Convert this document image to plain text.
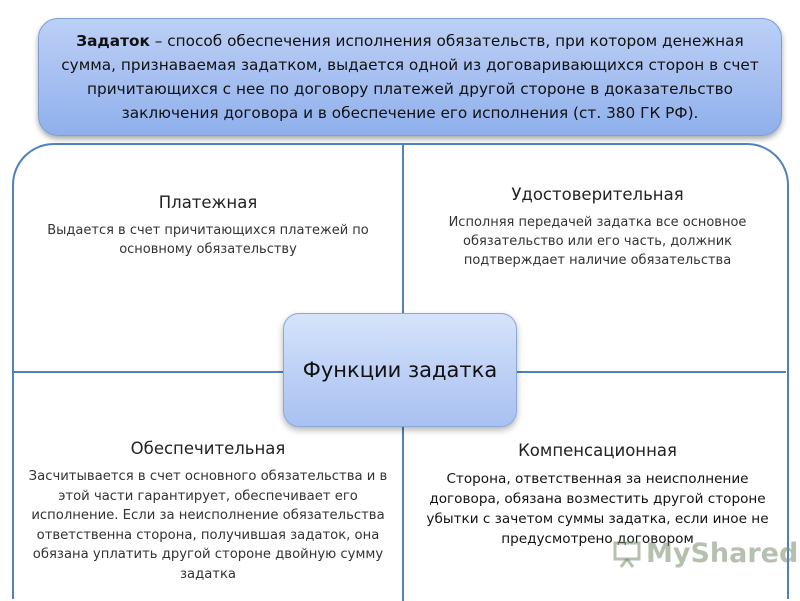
Задаток – способ обеспечения исполнения обязательств, при котором денежная сумма, признаваемая задатком, выдается одной из договаривающихся сторон в счет причитающихся с нее по договору платежей другой стороне в доказательство заключения договора и в обеспечение его исполнения (ст. 380 ГК РФ).
Платежная
Выдается в счет причитающихся платежей по основному обязательству
Удостоверительная
Исполняя передачей задатка все основное обязательство или его часть, должник подтверждает наличие обязательства
Обеспечительная
Засчитывается в счет основного обязательства и в этой части гарантирует, обеспечивает его исполнение. Если за неисполнение обязательства ответственна сторона, получившая задаток, она обязана уплатить другой стороне двойную сумму задатка
Компенсационная
Сторона, ответственная за неисполнение договора, обязана возместить другой стороне убытки с зачетом суммы задатка, если иное не предусмотрено договором
Функции задатка
MyShared
